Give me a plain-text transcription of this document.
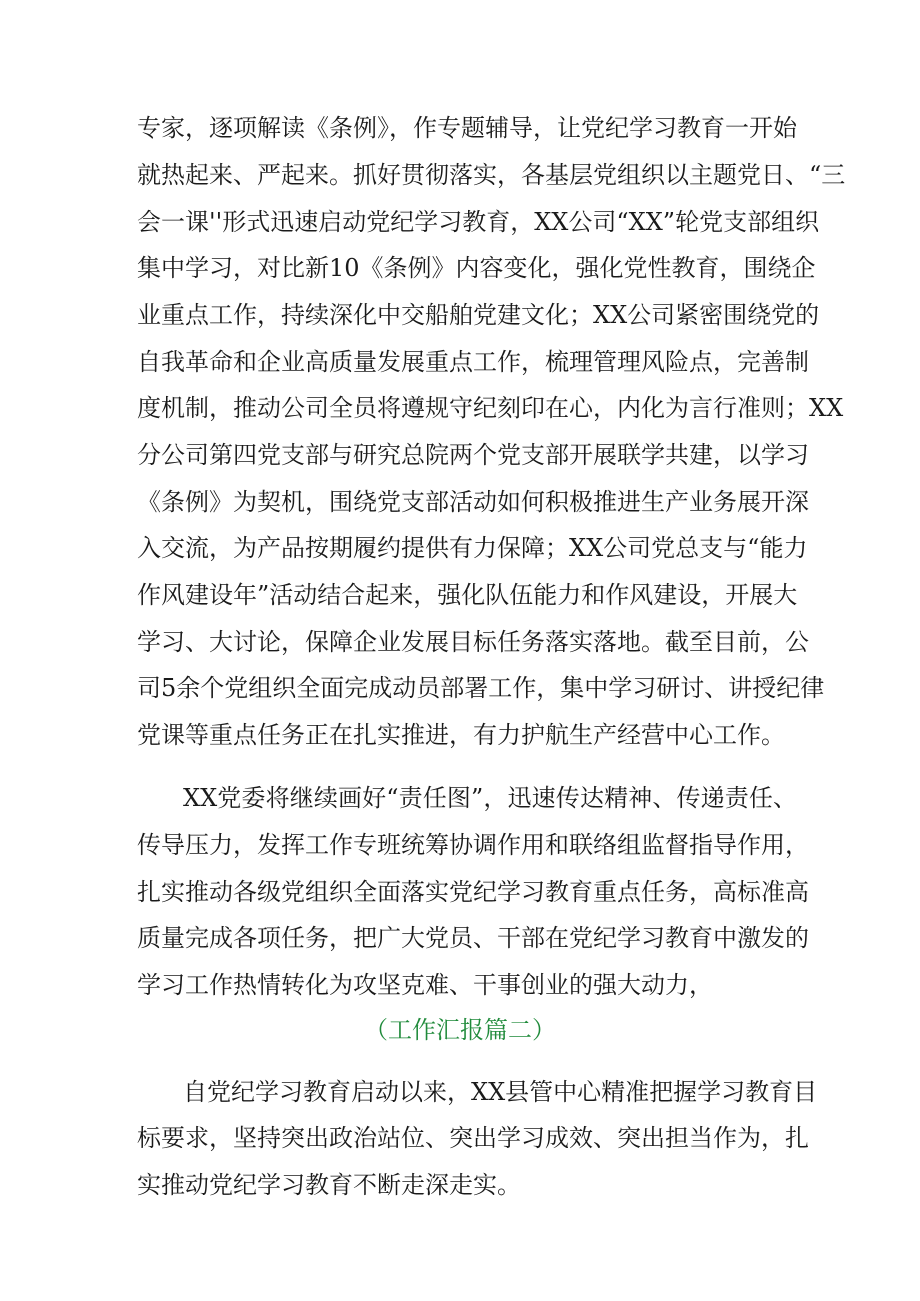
专家，逐项解读《条例》，作专题辅导，让党纪学习教育一开始
就热起来、严起来。抓好贯彻落实，各基层党组织以主题党日、“三
会一课''形式迅速启动党纪学习教育，XX公司“XX”轮党支部组织
集中学习，对比新10《条例》内容变化，强化党性教育，围绕企
业重点工作，持续深化中交船舶党建文化；XX公司紧密围绕党的
自我革命和企业高质量发展重点工作，梳理管理风险点，完善制
度机制，推动公司全员将遵规守纪刻印在心，内化为言行准则；XX
分公司第四党支部与研究总院两个党支部开展联学共建，以学习
《条例》为契机，围绕党支部活动如何积极推进生产业务展开深
入交流，为产品按期履约提供有力保障；XX公司党总支与“能力
作风建设年”活动结合起来，强化队伍能力和作风建设，开展大
学习、大讨论，保障企业发展目标任务落实落地。截至目前，公
司5余个党组织全面完成动员部署工作，集中学习研讨、讲授纪律
党课等重点任务正在扎实推进，有力护航生产经营中心工作。
XX党委将继续画好“责任图”，迅速传达精神、传递责任、
传导压力，发挥工作专班统筹协调作用和联络组监督指导作用，
扎实推动各级党组织全面落实党纪学习教育重点任务，高标准高
质量完成各项任务，把广大党员、干部在党纪学习教育中激发的
学习工作热情转化为攻坚克难、干事创业的强大动力，
（工作汇报篇二）
自党纪学习教育启动以来，XX县管中心精准把握学习教育目
标要求，坚持突出政治站位、突出学习成效、突出担当作为，扎
实推动党纪学习教育不断走深走实。
